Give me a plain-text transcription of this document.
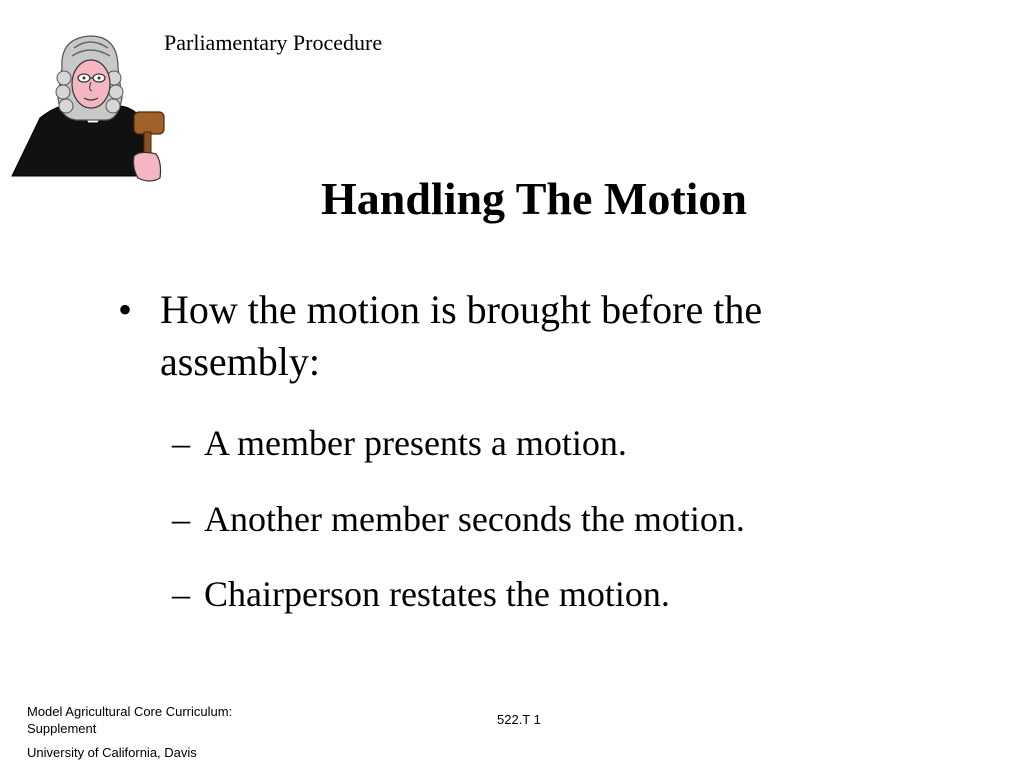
Parliamentary Procedure
Handling The Motion
• How the motion is brought before the assembly:
– A member presents a motion.
– Another member seconds the motion.
– Chairperson restates the motion.
Model Agricultural Core Curriculum:
Supplement
University of California, Davis
522.T 1
